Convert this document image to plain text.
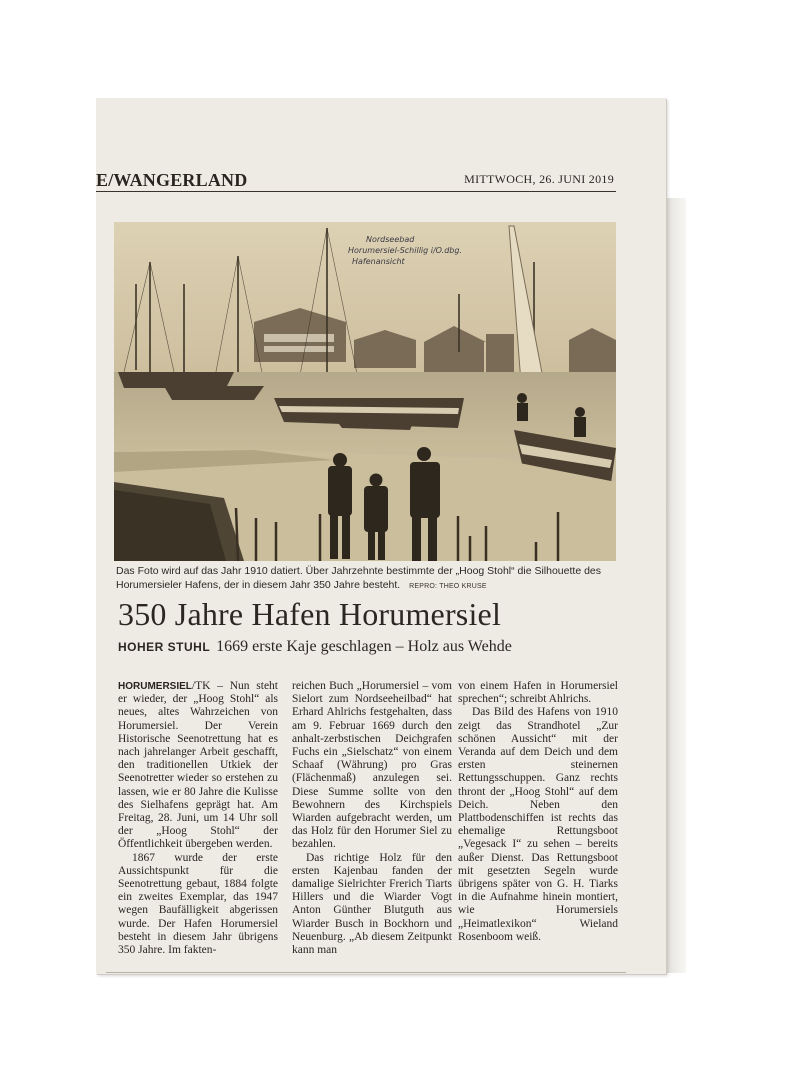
E/WANGERLAND	MITTWOCH, 26. JUNI 2019
Nordseebad
Horumersiel-Schillig i/O.dbg.
Hafenansicht
Das Foto wird auf das Jahr 1910 datiert. Über Jahrzehnte bestimmte der „Hoog Stohl“ die Silhouette des Horumersieler Hafens, der in diesem Jahr 350 Jahre besteht. REPRO: THEO KRUSE
350 Jahre Hafen Horumersiel
HOHER STUHL 1669 erste Kaje geschlagen – Holz aus Wehde

HORUMERSIEL/TK – Nun steht er wieder, der „Hoog Stohl“ als neues, altes Wahrzeichen von Horumersiel. Der Verein Historische Seenotrettung hat es nach jahrelanger Arbeit geschafft, den traditionellen Utkiek der Seenotretter wieder so erstehen zu lassen, wie er 80 Jahre die Kulisse des Sielhafens geprägt hat. Am Freitag, 28. Juni, um 14 Uhr soll der „Hoog Stohl“ der Öffentlichkeit übergeben werden.

1867 wurde der erste Aussichtspunkt für die Seenotrettung gebaut, 1884 folgte ein zweites Exemplar, das 1947 wegen Baufälligkeit abgerissen wurde. Der Hafen Horumersiel besteht in diesem Jahr übrigens 350 Jahre. Im fakten-

reichen Buch „Horumersiel – vom Sielort zum Nordseeheilbad“ hat Erhard Ahlrichs festgehalten, dass am 9. Februar 1669 durch den anhalt-zerbstischen Deichgrafen Fuchs ein „Sielschatz“ von einem Schaaf (Währung) pro Gras (Flächenmaß) anzulegen sei. Diese Summe sollte von den Bewohnern des Kirchspiels Wiarden aufgebracht werden, um das Holz für den Horumer Siel zu bezahlen.

Das richtige Holz für den ersten Kajenbau fanden der damalige Sielrichter Frerich Tiarts Hillers und die Wiarder Vogt Anton Günther Blutguth aus Wiarder Busch in Bockhorn und Neuenburg. „Ab diesem Zeitpunkt kann man

von einem Hafen in Horumersiel sprechen“; schreibt Ahlrichs.

Das Bild des Hafens von 1910 zeigt das Strandhotel „Zur schönen Aussicht“ mit der Veranda auf dem Deich und dem ersten steinernen Rettungsschuppen. Ganz rechts thront der „Hoog Stohl“ auf dem Deich. Neben den Plattbodenschiffen ist rechts das ehemalige Rettungsboot „Vegesack I“ zu sehen – bereits außer Dienst. Das Rettungsboot mit gesetzten Segeln wurde übrigens später von G. H. Tiarks in die Aufnahme hinein montiert, wie Horumersiels „Heimatlexikon“ Wieland Rosenboom weiß.
